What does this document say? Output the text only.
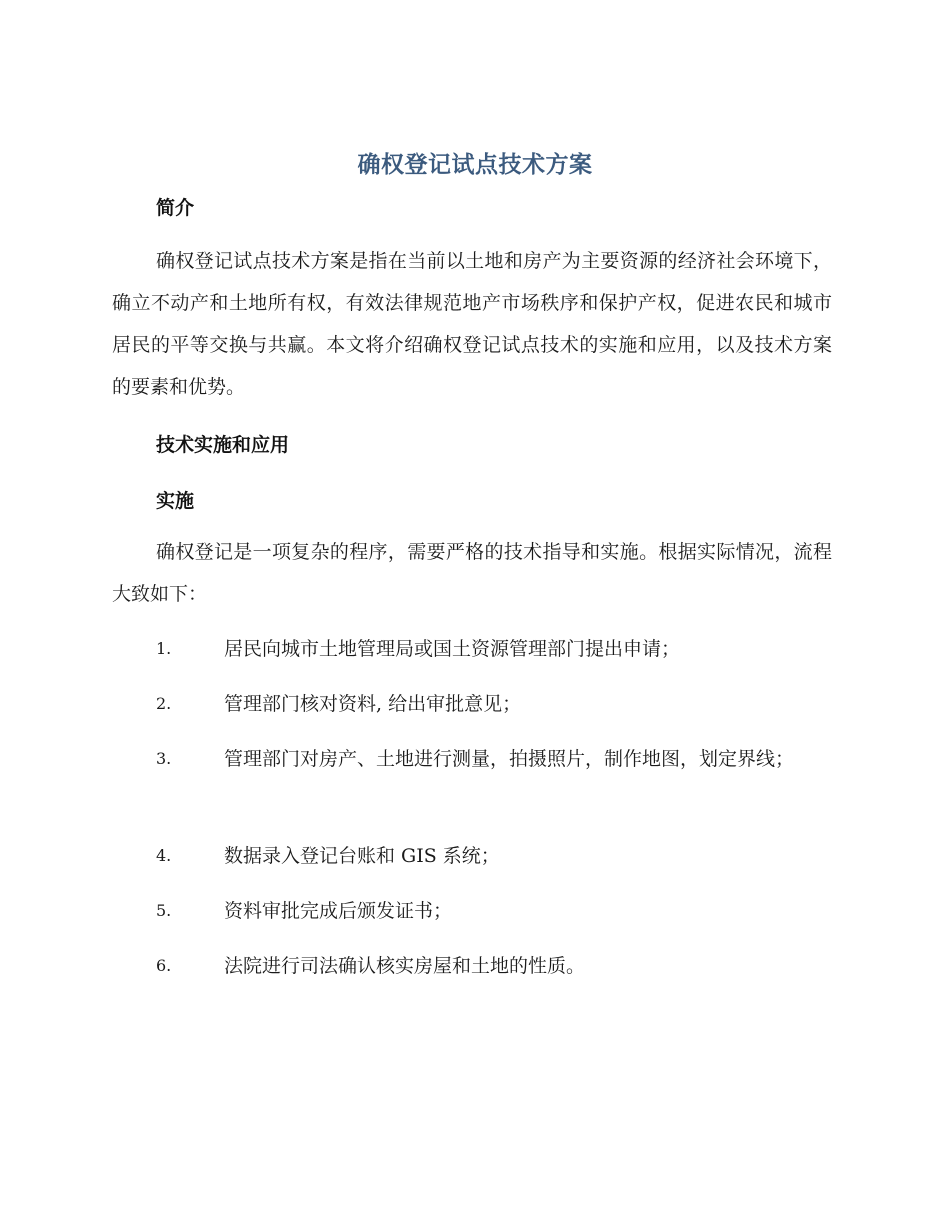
确权登记试点技术方案
简介
确权登记试点技术方案是指在当前以土地和房产为主要资源的经济社会环境下，确立不动产和土地所有权，有效法律规范地产市场秩序和保护产权，促进农民和城市居民的平等交换与共赢。本文将介绍确权登记试点技术的实施和应用，以及技术方案的要素和优势。
技术实施和应用
实施
确权登记是一项复杂的程序，需要严格的技术指导和实施。根据实际情况，流程大致如下：
1.	居民向城市土地管理局或国土资源管理部门提出申请；
2.	管理部门核对资料, 给出审批意见；
3.	管理部门对房产、土地进行测量，拍摄照片，制作地图，划定界线；
4.	数据录入登记台账和 GIS 系统；
5.	资料审批完成后颁发证书；
6.	法院进行司法确认核实房屋和土地的性质。
